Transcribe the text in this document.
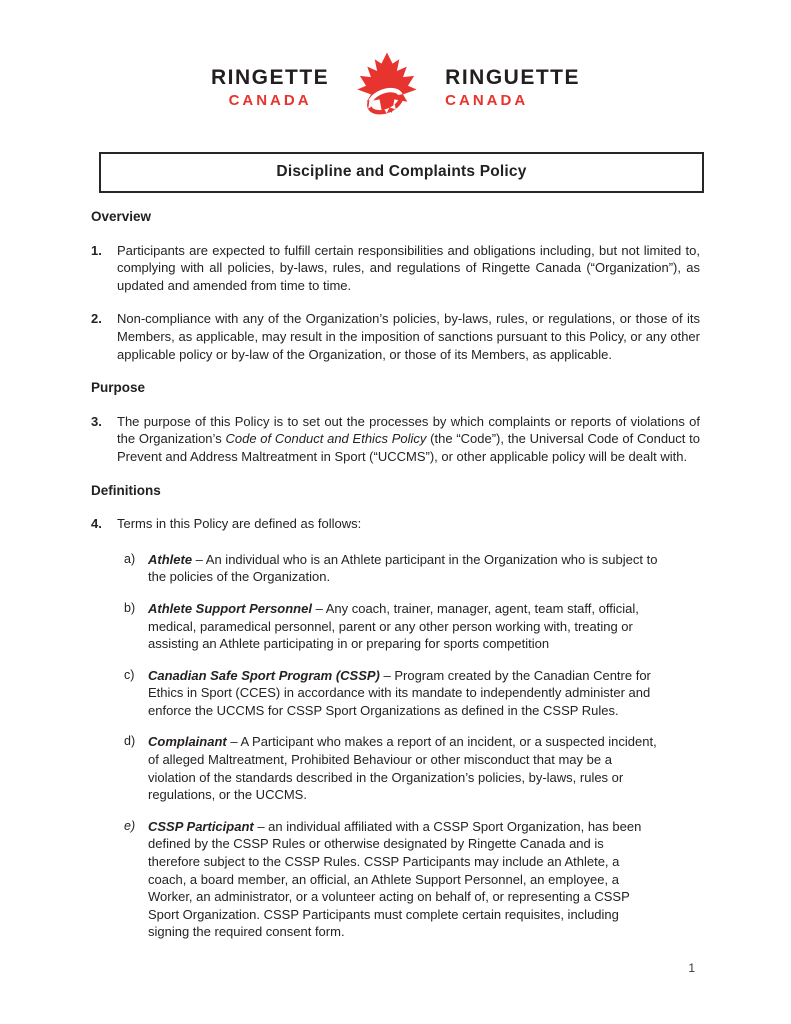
RINGETTE
CANADA
RINGUETTE
CANADA
Discipline and Complaints Policy
Overview
1.	Participants are expected to fulfill certain responsibilities and obligations including, but not limited to, complying with all policies, by-laws, rules, and regulations of Ringette Canada (“Organization”), as updated and amended from time to time.

2.	Non-compliance with any of the Organization’s policies, by-laws, rules, or regulations, or those of its Members, as applicable, may result in the imposition of sanctions pursuant to this Policy, or any other applicable policy or by-law of the Organization, or those of its Members, as applicable.

Purpose
3.	The purpose of this Policy is to set out the processes by which complaints or reports of violations of the Organization’s Code of Conduct and Ethics Policy (the “Code”), the Universal Code of Conduct to Prevent and Address Maltreatment in Sport (“UCCMS”), or other applicable policy will be dealt with.

Definitions
4.	Terms in this Policy are defined as follows:

a) Athlete – An individual who is an Athlete participant in the Organization who is subject to the policies of the Organization.

b) Athlete Support Personnel – Any coach, trainer, manager, agent, team staff, official, medical, paramedical personnel, parent or any other person working with, treating or assisting an Athlete participating in or preparing for sports competition

c)	Canadian Safe Sport Program (CSSP) – Program created by the Canadian Centre for Ethics in Sport (CCES) in accordance with its mandate to independently administer and enforce the UCCMS for CSSP Sport Organizations as defined in the CSSP Rules.

d) Complainant – A Participant who makes a report of an incident, or a suspected incident, of alleged Maltreatment, Prohibited Behaviour or other misconduct that may be a violation of the standards described in the Organization’s policies, by-laws, rules or regulations, or the UCCMS.

e) CSSP Participant – an individual affiliated with a CSSP Sport Organization, has been defined by the CSSP Rules or otherwise designated by Ringette Canada and is therefore subject to the CSSP Rules. CSSP Participants may include an Athlete, a coach, a board member, an official, an Athlete Support Personnel, an employee, a Worker, an administrator, or a volunteer acting on behalf of, or representing a CSSP Sport Organization. CSSP Participants must complete certain requisites, including signing the required consent form.

1
